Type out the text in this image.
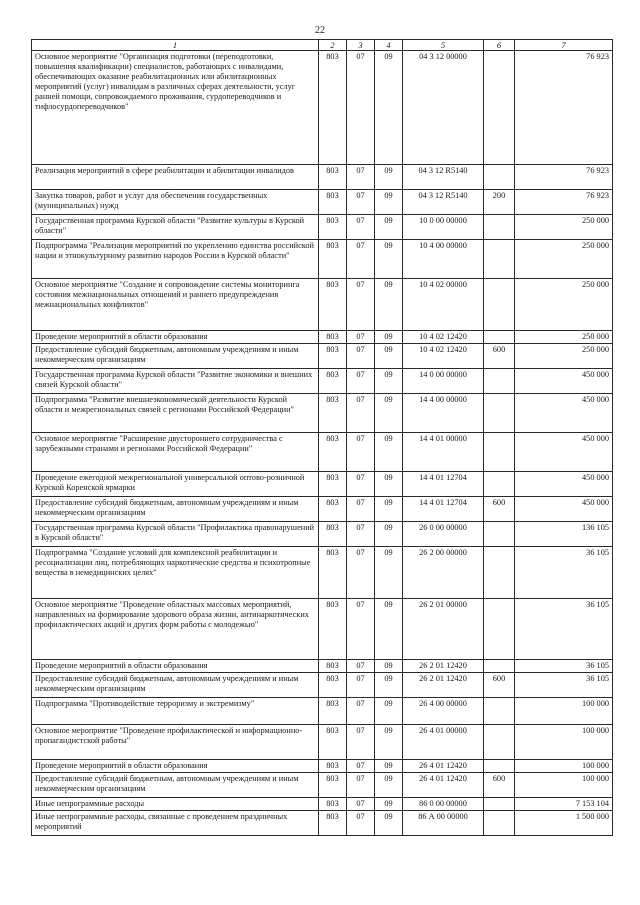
22
1	2	3	4	5	6	7
Основное мероприятие "Организация подготовки (переподготовки, повышения квалификации) специалистов, работающих с инвалидами, обеспечивающих оказание реабилитационных или абилитационных мероприятий (услуг) инвалидам в различных сферах деятельности, услуг ранней помощи, сопровождаемого проживания, сурдопереводчиков и тифлосурдопереводчиков"	803	07	09	04 3 12 00000		76 923
Реализация мероприятий в сфере реабилитации и абилитации инвалидов	803	07	09	04 3 12 R5140		76 923
Закупка товаров, работ и услуг для обеспечения государственных (муниципальных) нужд	803	07	09	04 3 12 R5140	200	76 923
Государственная программа Курской области "Развитие культуры в Курской области"	803	07	09	10 0 00 00000		250 000
Подпрограмма "Реализация мероприятий по укреплению единства российской нации и этнокультурному развитию народов России в Курской области"	803	07	09	10 4 00 00000		250 000
Основное мероприятие "Создание и сопровождение системы мониторинга состояния межнациональных отношений и раннего предупреждения межнациональных конфликтов"	803	07	09	10 4 02 00000		250 000
Проведение мероприятий в области образования	803	07	09	10 4 02 12420		250 000
Предоставление субсидий бюджетным, автономным учреждениям и иным некоммерческим организациям	803	07	09	10 4 02 12420	600	250 000
Государственная программа Курской области "Развитие экономики и внешних связей Курской области"	803	07	09	14 0 00 00000		450 000
Подпрограмма "Развитие внешнеэкономической деятельности Курской области и межрегиональных связей с регионами Российской Федерации"	803	07	09	14 4 00 00000		450 000
Основное мероприятие "Расширение двустороннего сотрудничества с зарубежными странами и регионами Российской Федерации"	803	07	09	14 4 01 00000		450 000
Проведение ежегодной межрегиональной универсальной оптово-розничной Курской Коренской ярмарки	803	07	09	14 4 01 12704		450 000
Предоставление субсидий бюджетным, автономным учреждениям и иным некоммерческим организациям	803	07	09	14 4 01 12704	600	450 000
Государственная программа Курской области "Профилактика правонарушений в Курской области"	803	07	09	26 0 00 00000		136 105
Подпрограмма "Создание условий для комплексной реабилитации и ресоциализации лиц, потребляющих наркотические средства и психотропные вещества в немедицинских целях"	803	07	09	26 2 00 00000		36 105
Основное мероприятие "Проведение областных массовых мероприятий, направленных на формирование здорового образа жизни, антинаркотических профилактических акций и других форм работы с молодежью"	803	07	09	26 2 01 00000		36 105
Проведение мероприятий в области образования	803	07	09	26 2 01 12420		36 105
Предоставление субсидий бюджетным, автономным учреждениям и иным некоммерческим организациям	803	07	09	26 2 01 12420	600	36 105
Подпрограмма "Противодействие терроризму и экстремизму"	803	07	09	26 4 00 00000		100 000
Основное мероприятие "Проведение профилактической и информационно-пропагандистской работы"	803	07	09	26 4 01 00000		100 000
Проведение мероприятий в области образования	803	07	09	26 4 01 12420		100 000
Предоставление субсидий бюджетным, автономным учреждениям и иным некоммерческим организациям	803	07	09	26 4 01 12420	600	100 000
Иные непрограммные расходы	803	07	09	86 0 00 00000		7 153 104
Иные непрограммные расходы, связанные с проведением праздничных мероприятий	803	07	09	86 А 00 00000		1 500 000
